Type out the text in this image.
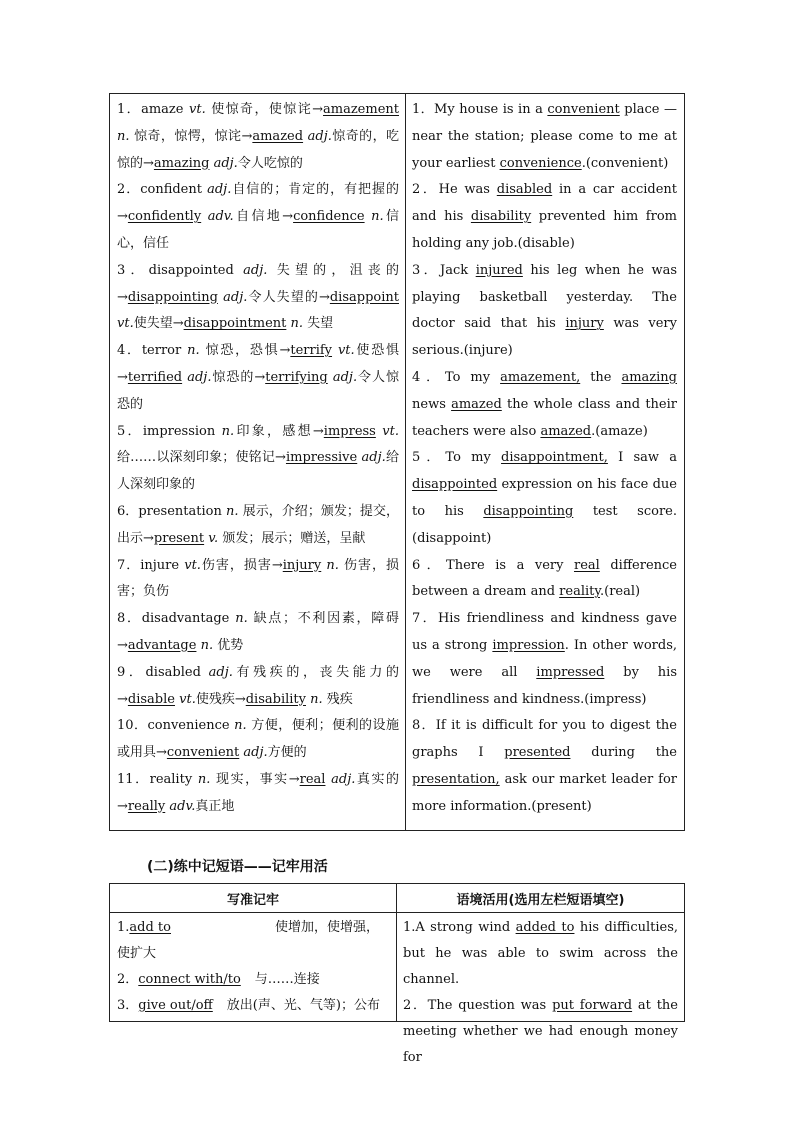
1．amaze vt. 使惊奇，使惊诧→amazement n. 惊奇，惊愕，惊诧→amazed adj.惊奇的，吃惊的→amazing adj.令人吃惊的

2．confident adj.自信的；肯定的，有把握的→confidently adv.自信地→confidence n.信心，信任

3．disappointed adj. 失望的，沮丧的→disappointing adj.令人失望的→disappoint vt.使失望→disappointment n. 失望

4．terror n. 惊恐，恐惧→terrify vt.使恐惧→terrified adj.惊恐的→terrifying adj.令人惊恐的

5．impression n.印象，感想→impress vt.给……以深刻印象；使铭记→impressive adj.给人深刻印象的

6．presentation n. 展示，介绍；颁发；提交，出示→present v. 颁发；展示；赠送，呈献

7．injure vt.伤害，损害→injury n. 伤害，损害；负伤

8．disadvantage n. 缺点；不利因素，障碍→advantage n. 优势

9．disabled adj.有残疾的，丧失能力的→disable vt.使残疾→disability n. 残疾

10．convenience n. 方便，便利；便利的设施或用具→convenient adj.方便的

11．reality n. 现实，事实→real adj.真实的→really adv.真正地

1．My house is in a convenient place — near the station; please come to me at your earliest convenience.(convenient)

2．He was disabled in a car accident and his disability prevented him from holding any job.(disable)

3．Jack injured his leg when he was playing basketball yesterday. The doctor said that his injury was very serious.(injure)

4．To my amazement, the amazing news amazed the whole class and their teachers were also amazed.(amaze)

5．To my disappointment, I saw a disappointed expression on his face due to his disappointing test score.(disappoint)

6．There is a very real difference between a dream and reality.(real)

7．His friendliness and kindness gave us a strong impression. In other words, we were all impressed by his friendliness and kindness.(impress)

8．If it is difficult for you to digest the graphs I presented during the presentation, ask our market leader for more information.(present)

(二)练中记短语——记牢用活
写准记牢	语境活用(选用左栏短语填空)
1.add to	使增加，使增强，使扩大
2．connect with/to 与……连接
3．give out/off 放出(声、光、气等)；公布

1.A strong wind added to his difficulties, but he was able to swim across the channel.

2．The question was put forward at the meeting whether we had enough money for
